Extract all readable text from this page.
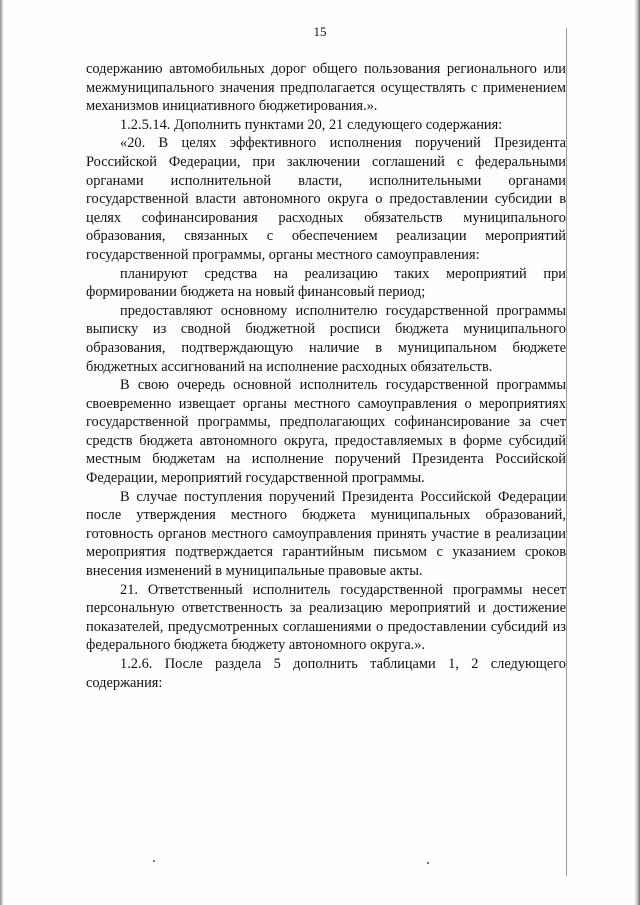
15

содержанию автомобильных дорог общего пользования регионального или межмуниципального значения предполагается осуществлять с применением механизмов инициативного бюджетирования.».

1.2.5.14. Дополнить пунктами 20, 21 следующего содержания:

«20. В целях эффективного исполнения поручений Президента Российской Федерации, при заключении соглашений с федеральными органами исполнительной власти, исполнительными органами государственной власти автономного округа о предоставлении субсидии в целях софинансирования расходных обязательств муниципального образования, связанных с обеспечением реализации мероприятий государственной программы, органы местного самоуправления:

планируют средства на реализацию таких мероприятий при формировании бюджета на новый финансовый период;

предоставляют основному исполнителю государственной программы выписку из сводной бюджетной росписи бюджета муниципального образования, подтверждающую наличие в муниципальном бюджете бюджетных ассигнований на исполнение расходных обязательств.

В свою очередь основной исполнитель государственной программы своевременно извещает органы местного самоуправления о мероприятиях государственной программы, предполагающих софинансирование за счет средств бюджета автономного округа, предоставляемых в форме субсидий местным бюджетам на исполнение поручений Президента Российской Федерации, мероприятий государственной программы.

В случае поступления поручений Президента Российской Федерации после утверждения местного бюджета муниципальных образований, готовность органов местного самоуправления принять участие в реализации мероприятия подтверждается гарантийным письмом с указанием сроков внесения изменений в муниципальные правовые акты.

21. Ответственный исполнитель государственной программы несет персональную ответственность за реализацию мероприятий и достижение показателей, предусмотренных соглашениями о предоставлении субсидий из федерального бюджета бюджету автономного округа.».

1.2.6. После раздела 5 дополнить таблицами 1, 2 следующего содержания:
